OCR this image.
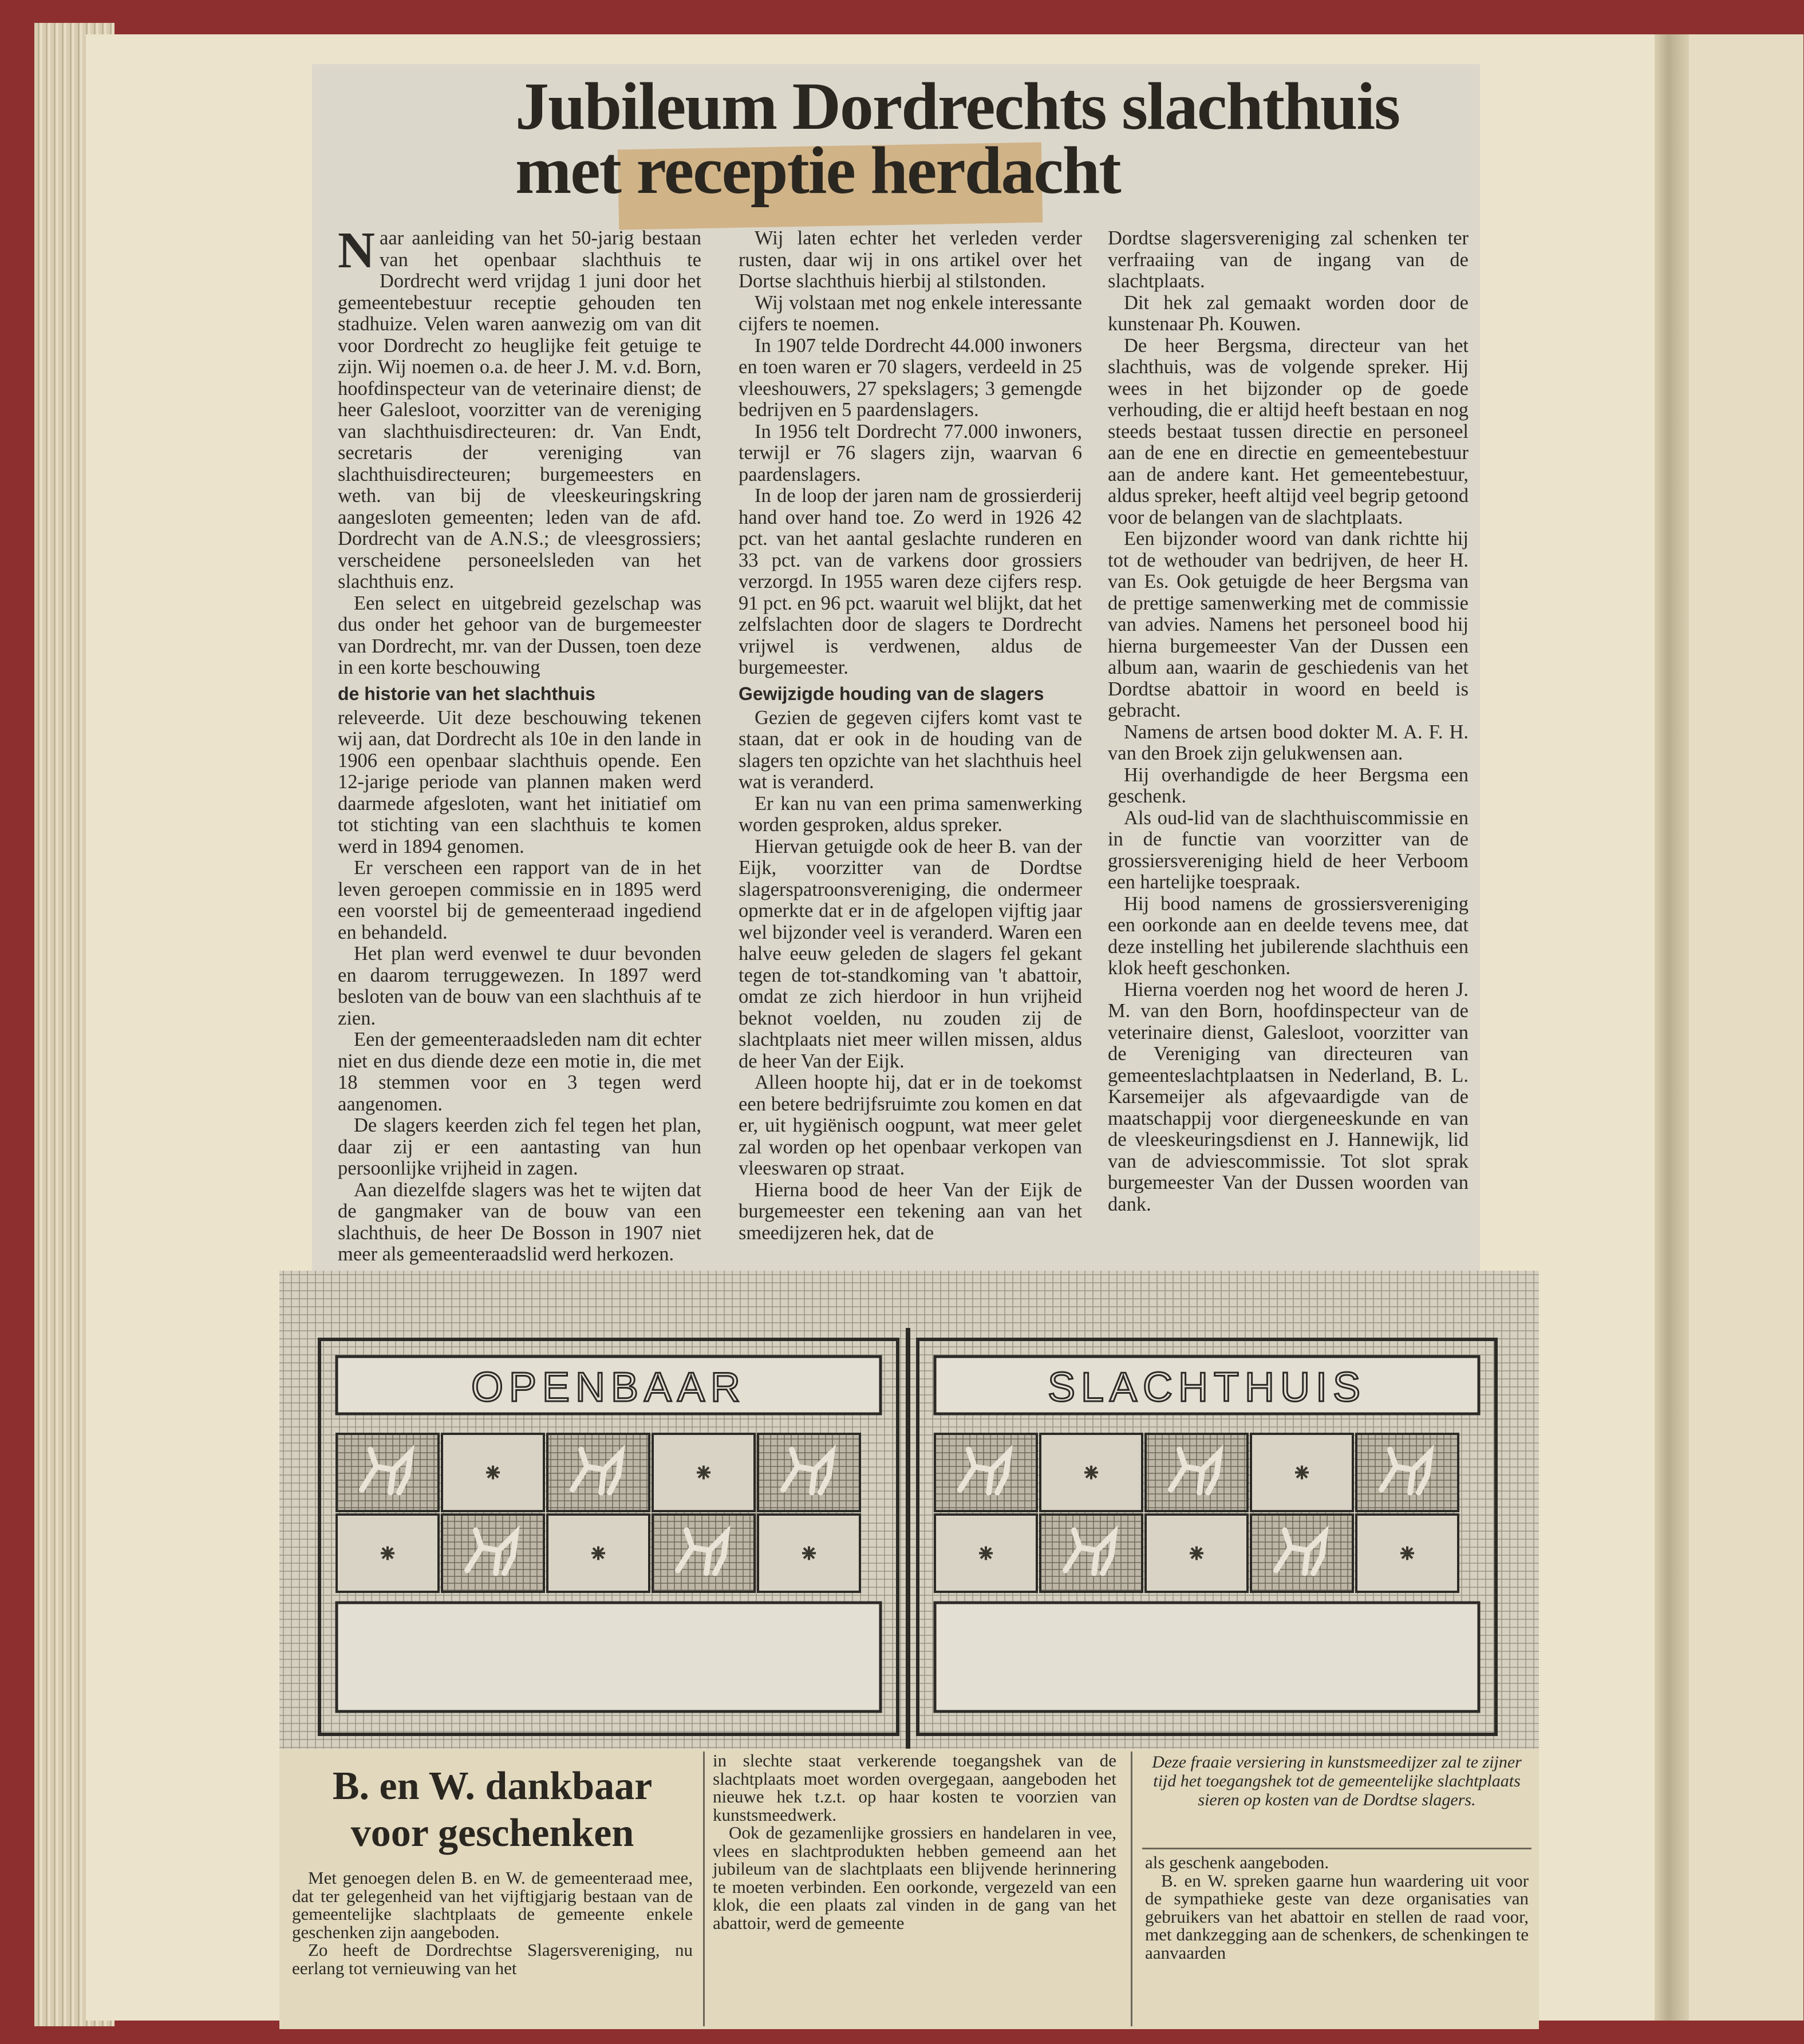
Jubileum Dordrechts slachthuis
met receptie herdacht

Naar aanleiding van het 50-jarig bestaan van het openbaar slachthuis te Dordrecht werd vrijdag 1 juni door het gemeentebestuur receptie gehouden ten stadhuize. Velen waren aanwezig om van dit voor Dordrecht zo heuglijke feit getuige te zijn. Wij noemen o.a. de heer J. M. v.d. Born, hoofdinspecteur van de veterinaire dienst; de heer Galesloot, voorzitter van de vereniging van slachthuisdirecteuren: dr. Van Endt, secretaris der vereniging van slachthuisdirecteuren; burgemeesters en weth. van bij de vleeskeuringskring aangesloten gemeenten; leden van de afd. Dordrecht van de A.N.S.; de vleesgrossiers; verscheidene personeelsleden van het slachthuis enz.

Een select en uitgebreid gezelschap was dus onder het gehoor van de burgemeester van Dordrecht, mr. van der Dussen, toen deze in een korte beschouwing

de historie van het slachthuis

releveerde. Uit deze beschouwing tekenen wij aan, dat Dordrecht als 10e in den lande in 1906 een openbaar slachthuis opende. Een 12-jarige periode van plannen maken werd daarmede afgesloten, want het initiatief om tot stichting van een slachthuis te komen werd in 1894 genomen.

Er verscheen een rapport van de in het leven geroepen commissie en in 1895 werd een voorstel bij de gemeenteraad ingediend en behandeld.

Het plan werd evenwel te duur bevonden en daarom terruggewezen. In 1897 werd besloten van de bouw van een slachthuis af te zien.

Een der gemeenteraadsleden nam dit echter niet en dus diende deze een motie in, die met 18 stemmen voor en 3 tegen werd aangenomen.

De slagers keerden zich fel tegen het plan, daar zij er een aantasting van hun persoonlijke vrijheid in zagen.

Aan diezelfde slagers was het te wijten dat de gangmaker van de bouw van een slachthuis, de heer De Bosson in 1907 niet meer als gemeenteraadslid werd herkozen.

Wij laten echter het verleden verder rusten, daar wij in ons artikel over het Dortse slachthuis hierbij al stilstonden.

Wij volstaan met nog enkele interessante cijfers te noemen.

In 1907 telde Dordrecht 44.000 inwoners en toen waren er 70 slagers, verdeeld in 25 vleeshouwers, 27 spekslagers; 3 gemengde bedrijven en 5 paardenslagers.

In 1956 telt Dordrecht 77.000 inwoners, terwijl er 76 slagers zijn, waarvan 6 paardenslagers.

In de loop der jaren nam de grossierderij hand over hand toe. Zo werd in 1926 42 pct. van het aantal geslachte runderen en 33 pct. van de varkens door grossiers verzorgd. In 1955 waren deze cijfers resp. 91 pct. en 96 pct. waaruit wel blijkt, dat het zelfslachten door de slagers te Dordrecht vrijwel is verdwenen, aldus de burgemeester.

Gewijzigde houding van de slagers

Gezien de gegeven cijfers komt vast te staan, dat er ook in de houding van de slagers ten opzichte van het slachthuis heel wat is veranderd.

Er kan nu van een prima samenwerking worden gesproken, aldus spreker.

Hiervan getuigde ook de heer B. van der Eijk, voorzitter van de Dordtse slagerspatroonsvereniging, die ondermeer opmerkte dat er in de afgelopen vijftig jaar wel bijzonder veel is veranderd. Waren een halve eeuw geleden de slagers fel gekant tegen de tot-standkoming van 't abattoir, omdat ze zich hierdoor in hun vrijheid beknot voelden, nu zouden zij de slachtplaats niet meer willen missen, aldus de heer Van der Eijk.

Alleen hoopte hij, dat er in de toekomst een betere bedrijfsruimte zou komen en dat er, uit hygiënisch oogpunt, wat meer gelet zal worden op het openbaar verkopen van vleeswaren op straat.

Hierna bood de heer Van der Eijk de burgemeester een tekening aan van het smeedijzeren hek, dat de

Dordtse slagersvereniging zal schenken ter verfraaiing van de ingang van de slachtplaats.

Dit hek zal gemaakt worden door de kunstenaar Ph. Kouwen.

De heer Bergsma, directeur van het slachthuis, was de volgende spreker. Hij wees in het bijzonder op de goede verhouding, die er altijd heeft bestaan en nog steeds bestaat tussen directie en personeel aan de ene en directie en gemeentebestuur aan de andere kant. Het gemeentebestuur, aldus spreker, heeft altijd veel begrip getoond voor de belangen van de slachtplaats.

Een bijzonder woord van dank richtte hij tot de wethouder van bedrijven, de heer H. van Es. Ook getuigde de heer Bergsma van de prettige samenwerking met de commissie van advies. Namens het personeel bood hij hierna burgemeester Van der Dussen een album aan, waarin de geschiedenis van het Dordtse abattoir in woord en beeld is gebracht.

Namens de artsen bood dokter M. A. F. H. van den Broek zijn gelukwensen aan.

Hij overhandigde de heer Bergsma een geschenk.

Als oud-lid van de slachthuiscommissie en in de functie van voorzitter van de grossiersvereniging hield de heer Verboom een hartelijke toespraak.

Hij bood namens de grossiersvereniging een oorkonde aan en deelde tevens mee, dat deze instelling het jubilerende slachthuis een klok heeft geschonken.

Hierna voerden nog het woord de heren J. M. van den Born, hoofdinspecteur van de veterinaire dienst, Galesloot, voorzitter van de Vereniging van directeuren van gemeenteslachtplaatsen in Nederland, B. L. Karsemeijer als afgevaardigde van de maatschappij voor diergeneeskunde en van de vleeskeuringsdienst en J. Hannewijk, lid van de adviescommissie. Tot slot sprak burgemeester Van der Dussen woorden van dank.

OPENBAAR	SLACHTHUIS
B. en W. dankbaar
voor geschenken

Met genoegen delen B. en W. de gemeenteraad mee, dat ter gelegenheid van het vijftigjarig bestaan van de gemeentelijke slachtplaats de gemeente enkele geschenken zijn aangeboden.

Zo heeft de Dordrechtse Slagersvereniging, nu eerlang tot vernieuwing van het

in slechte staat verkerende toegangshek van de slachtplaats moet worden overgegaan, aangeboden het nieuwe hek t.z.t. op haar kosten te voorzien van kunstsmeedwerk.

Ook de gezamenlijke grossiers en handelaren in vee, vlees en slachtprodukten hebben gemeend aan het jubileum van de slachtplaats een blijvende herinnering te moeten verbinden. Een oorkonde, vergezeld van een klok, die een plaats zal vinden in de gang van het abattoir, werd de gemeente

Deze fraaie versiering in kunstsmeedijzer zal te zijner tijd het toegangshek tot de gemeentelijke slachtplaats sieren op kosten van de Dordtse slagers.

als geschenk aangeboden.

B. en W. spreken gaarne hun waardering uit voor de sympathieke geste van deze organisaties van gebruikers van het abattoir en stellen de raad voor, met dankzegging aan de schenkers, de schenkingen te aanvaarden
